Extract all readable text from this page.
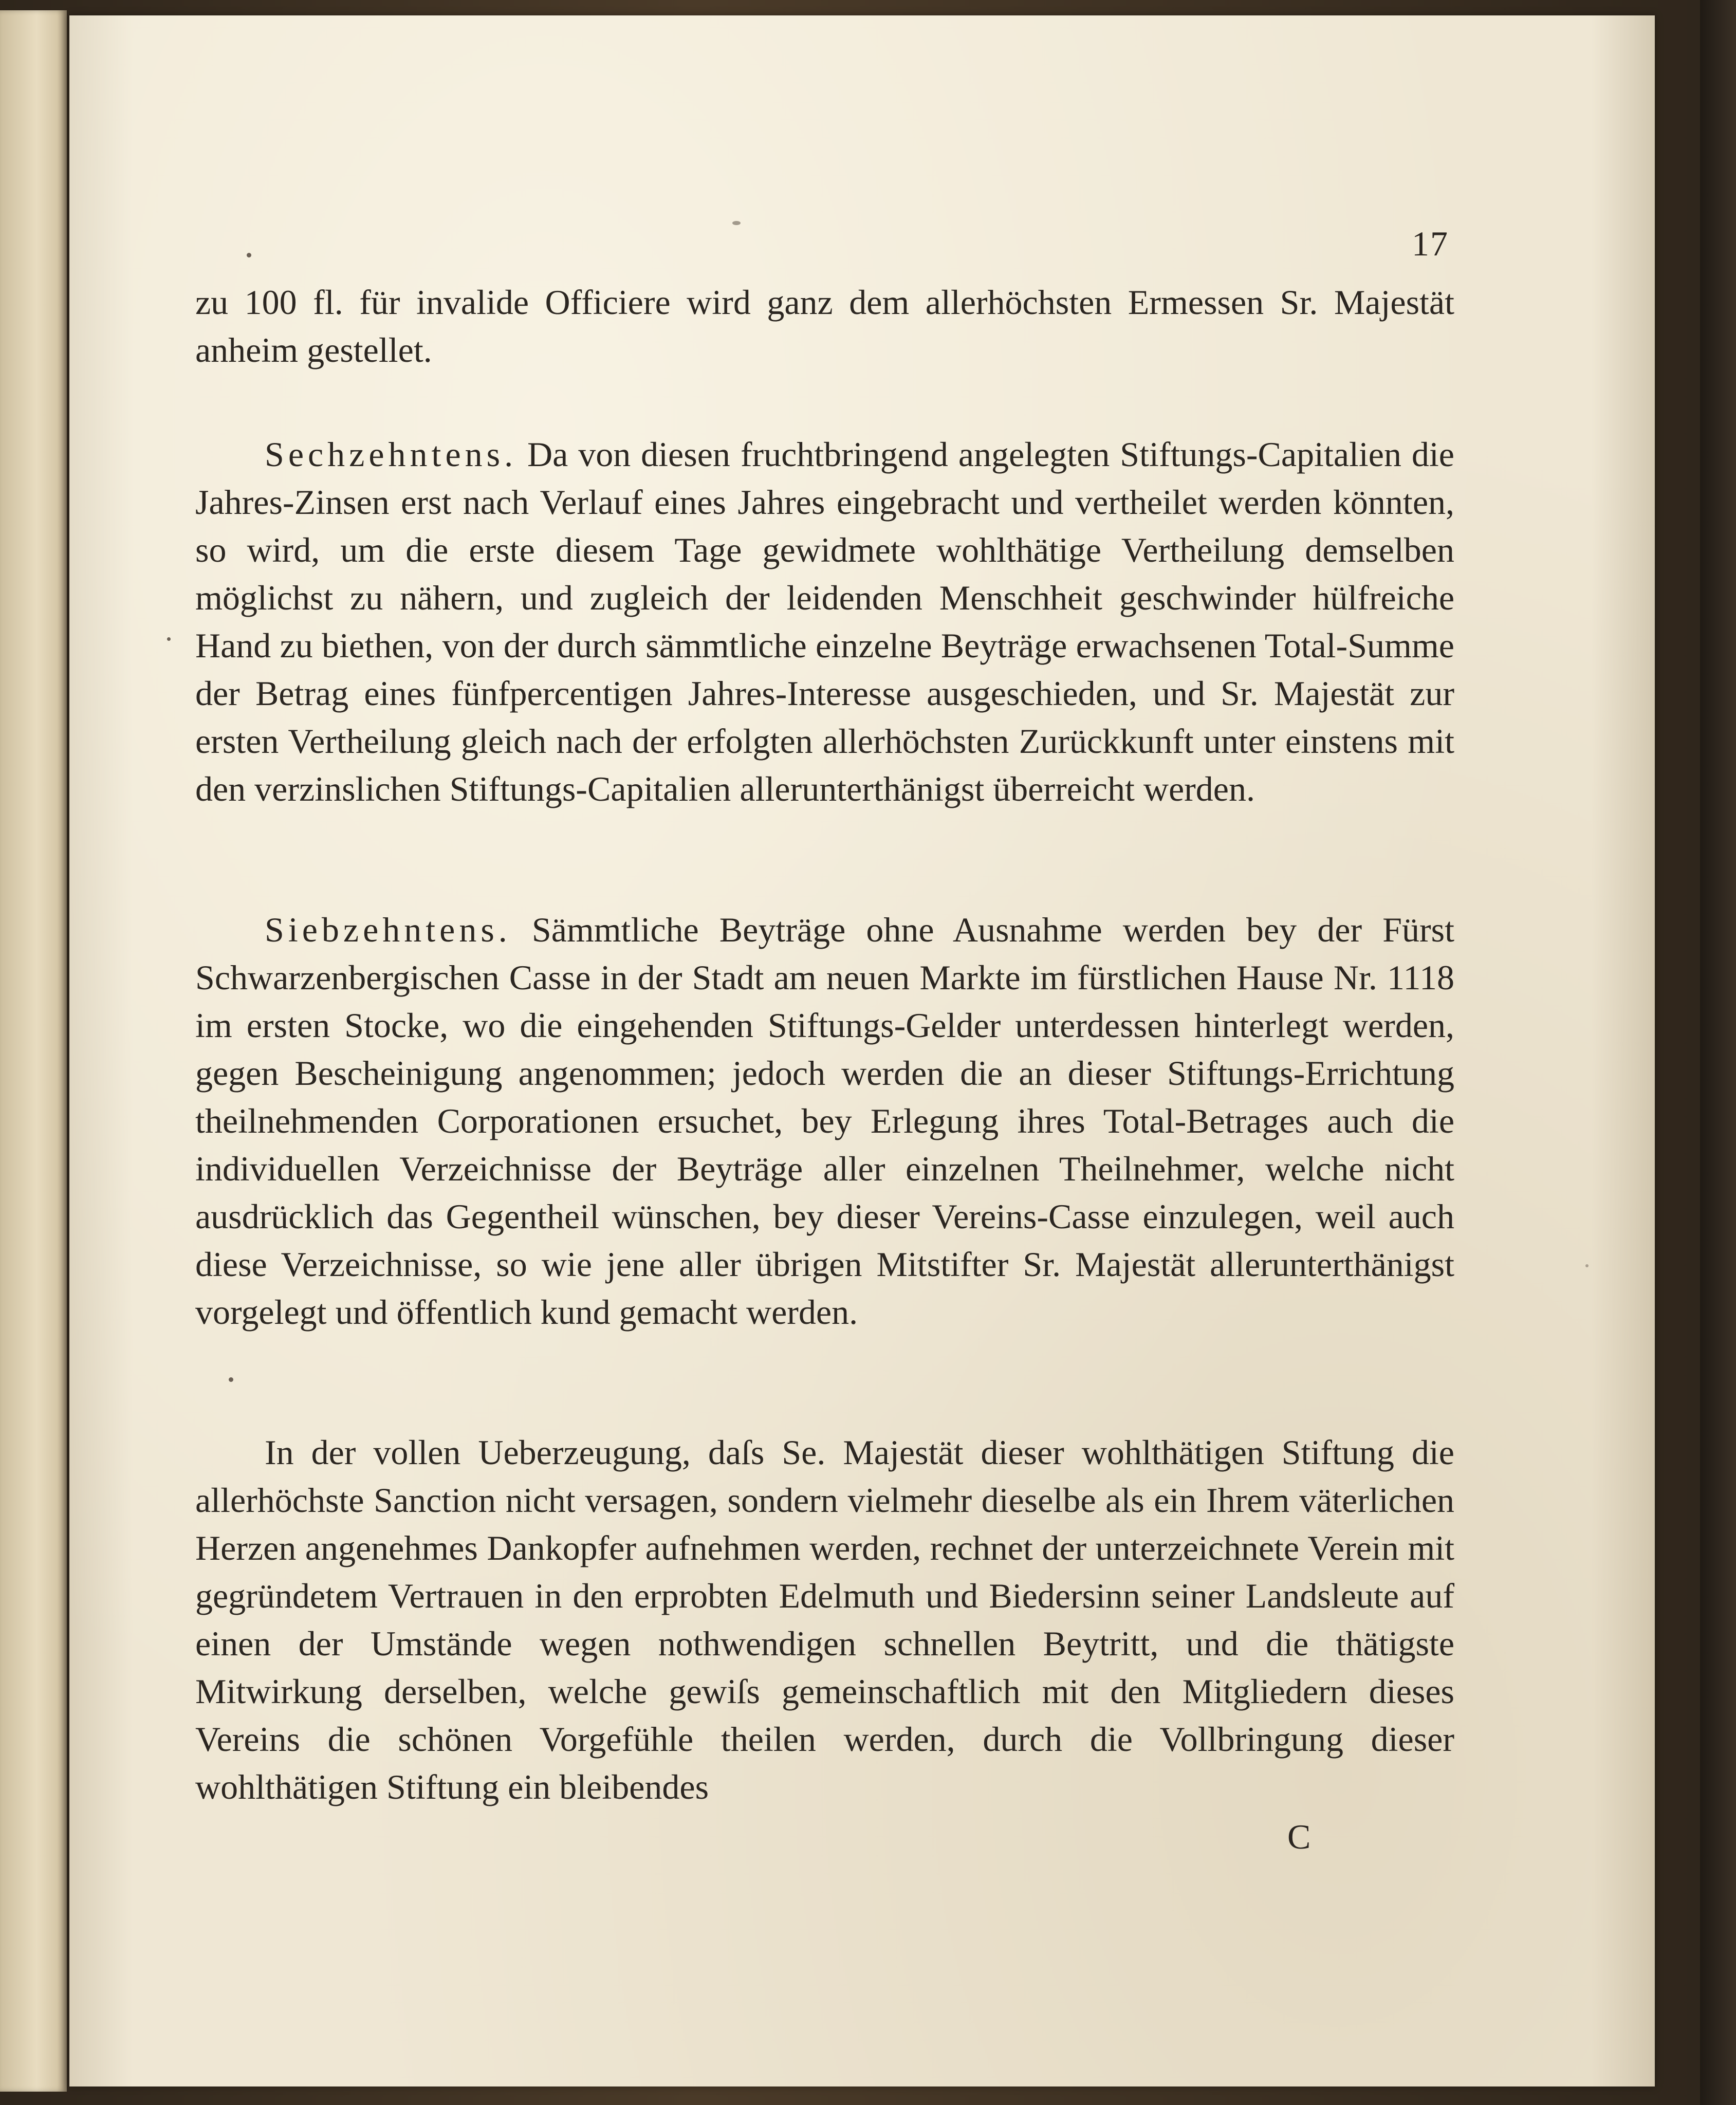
17

zu 100 fl. für invalide Officiere wird ganz dem allerhöchsten Ermessen Sr. Majestät anheim gestellet.

Sechzehntens. Da von diesen fruchtbringend angelegten Stiftungs-Capitalien die Jahres-Zinsen erst nach Verlauf eines Jahres eingebracht und vertheilet werden könnten, so wird, um die erste diesem Tage gewidmete wohlthätige Vertheilung demselben möglichst zu nähern, und zugleich der leidenden Menschheit geschwinder hülfreiche Hand zu biethen, von der durch sämmtliche einzelne Beyträge erwachsenen Total-Summe der Betrag eines fünfpercentigen Jahres-Interesse ausgeschieden, und Sr. Majestät zur ersten Vertheilung gleich nach der erfolgten allerhöchsten Zurückkunft unter einstens mit den verzinslichen Stiftungs-Capitalien allerunterthänigst überreicht werden.

Siebzehntens. Sämmtliche Beyträge ohne Ausnahme werden bey der Fürst Schwarzenbergischen Casse in der Stadt am neuen Markte im fürstlichen Hause Nr. 1118 im ersten Stocke, wo die eingehenden Stiftungs-Gelder unterdessen hinterlegt werden, gegen Bescheinigung angenommen; jedoch werden die an dieser Stiftungs-Errichtung theilnehmenden Corporationen ersuchet, bey Erlegung ihres Total-Betrages auch die individuellen Verzeichnisse der Beyträge aller einzelnen Theilnehmer, welche nicht ausdrücklich das Gegentheil wünschen, bey dieser Vereins-Casse einzulegen, weil auch diese Verzeichnisse, so wie jene aller übrigen Mitstifter Sr. Majestät allerunterthänigst vorgelegt und öffentlich kund gemacht werden.

In der vollen Ueberzeugung, daſs Se. Majestät dieser wohlthätigen Stiftung die allerhöchste Sanction nicht versagen, sondern vielmehr dieselbe als ein Ihrem väterlichen Herzen angenehmes Dankopfer aufnehmen werden, rechnet der unterzeichnete Verein mit gegründetem Vertrauen in den erprobten Edelmuth und Biedersinn seiner Landsleute auf einen der Umstände wegen nothwendigen schnellen Beytritt, und die thätigste Mitwirkung derselben, welche gewiſs gemeinschaftlich mit den Mitgliedern dieses Vereins die schönen Vorgefühle theilen werden, durch die Vollbringung dieser wohlthätigen Stiftung ein bleibendes

C
